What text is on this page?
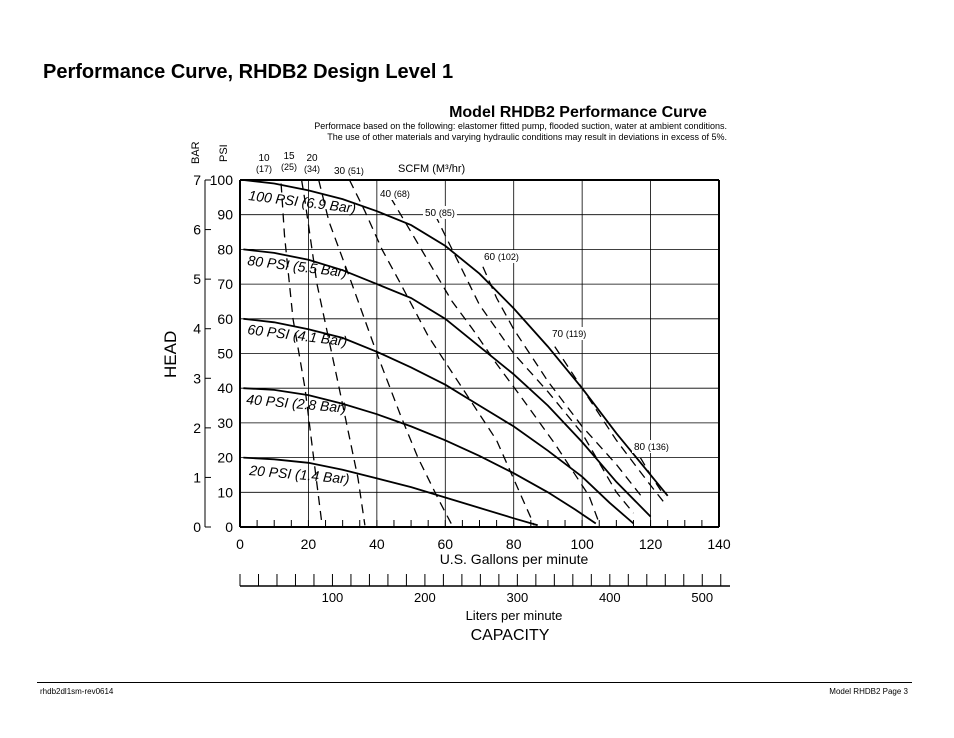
Performance Curve, RHDB2 Design Level 1
Model RHDB2 Performance Curve
Performace based on the following: elastomer fitted pump, flooded suction, water at ambient conditions.
The use of other materials and varying hydraulic conditions may result in deviations in excess of 5%.
BAR PSI
HEAD
U.S. Gallons per minute
Liters per minute
CAPACITY
SCFM (M³/hr)
0	20	40	60	80	100	120	140
0
10
20
30
40
50
60
70
80
90
100
0
1
2
3
4
5
6
7
100	200	300	400	500
100 PSI (6.9 Bar)
80 PSI (5.5 Bar)
60 PSI (4.1 Bar)
40 PSI (2.8 Bar)
20 PSI (1.4 Bar)
10
(17)
15
(25)
20
(34) 30 (51)
40 (68)
50 (85)
60 (102)
70 (119)
80 (136)
rhdb2dl1sm-rev0614	Model RHDB2 Page 3
